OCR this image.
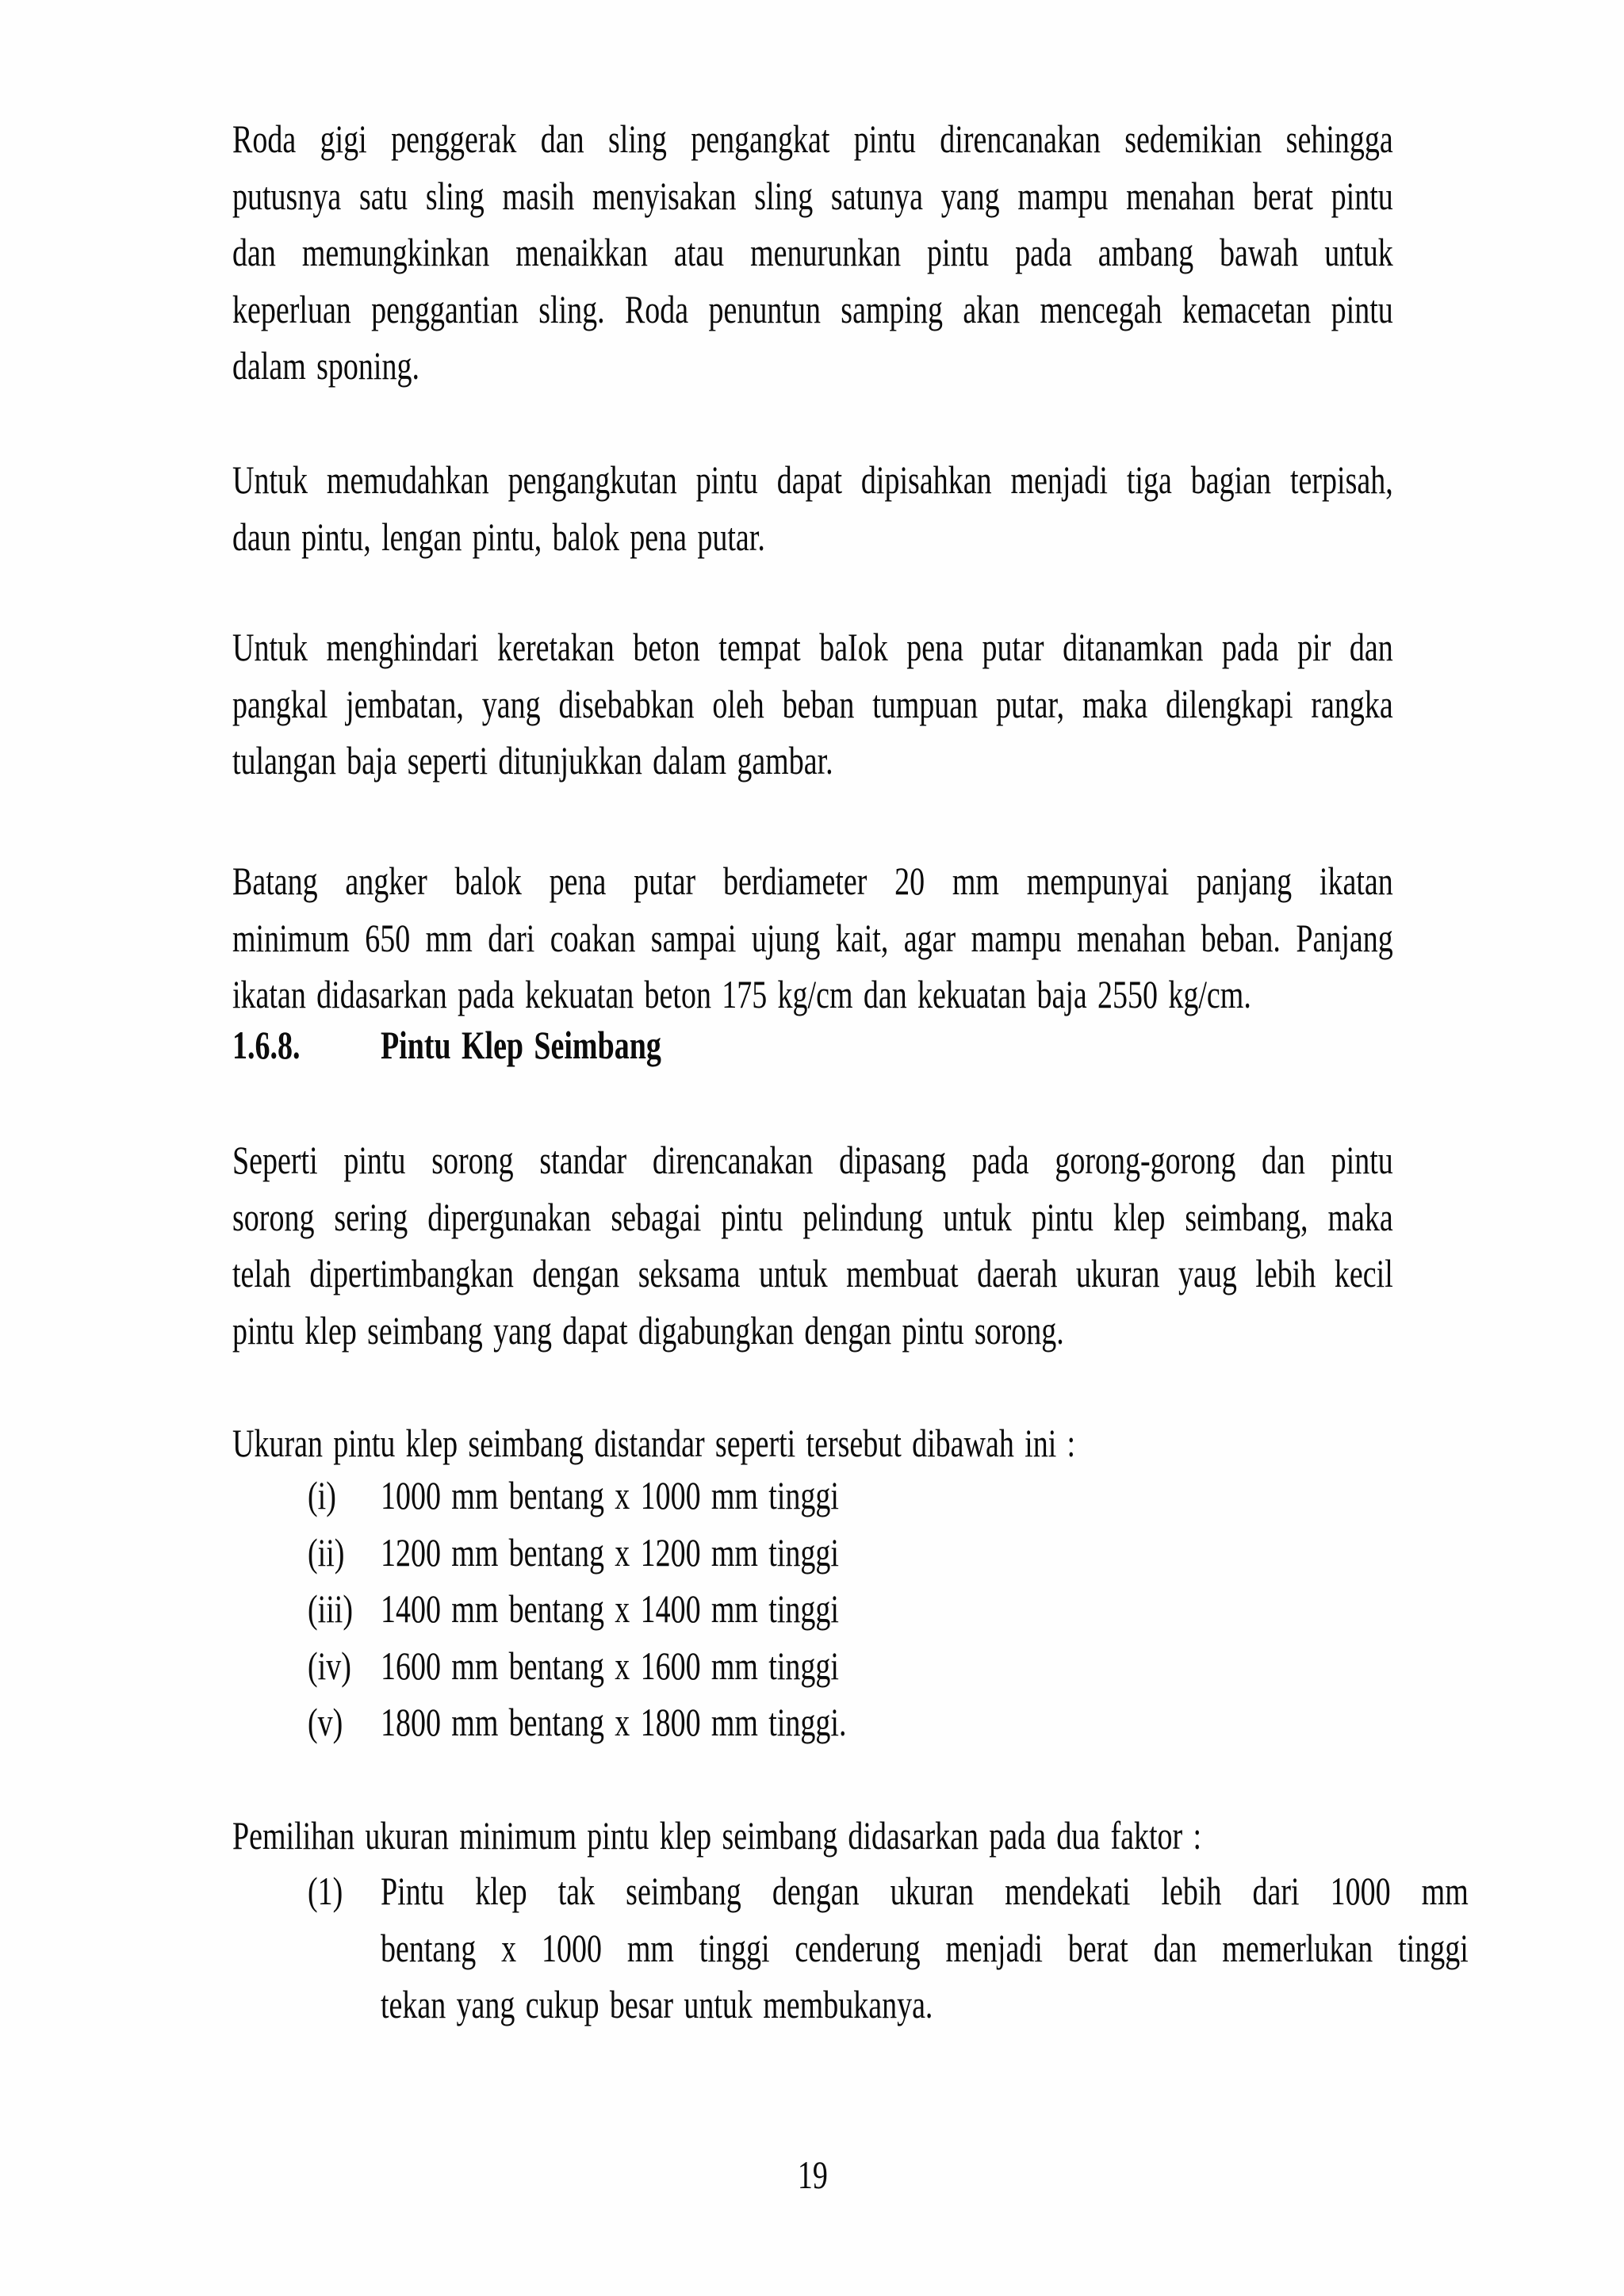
Roda gigi penggerak dan sling pengangkat pintu direncanakan sedemikian sehingga
putusnya satu sling masih menyisakan sling satunya yang mampu menahan berat pintu
dan memungkinkan menaikkan atau menurunkan pintu pada ambang bawah untuk
keperluan penggantian sling. Roda penuntun samping akan mencegah kemacetan pintu
dalam sponing.
Untuk memudahkan pengangkutan pintu dapat dipisahkan menjadi tiga bagian terpisah,
daun pintu, lengan pintu, balok pena putar.
Untuk menghindari keretakan beton tempat baIok pena putar ditanamkan pada pir dan
pangkal jembatan, yang disebabkan oleh beban tumpuan putar, maka dilengkapi rangka
tulangan baja seperti ditunjukkan dalam gambar.
Batang angker balok pena putar berdiameter 20 mm mempunyai panjang ikatan
minimum 650 mm dari coakan sampai ujung kait, agar mampu menahan beban. Panjang
ikatan didasarkan pada kekuatan beton 175 kg/cm dan kekuatan baja 2550 kg/cm.
1.6.8.	Pintu Klep Seimbang
Seperti pintu sorong standar direncanakan dipasang pada gorong-gorong dan pintu
sorong sering dipergunakan sebagai pintu pelindung untuk pintu klep seimbang, maka
telah dipertimbangkan dengan seksama untuk membuat daerah ukuran yaug lebih kecil
pintu klep seimbang yang dapat digabungkan dengan pintu sorong.
Ukuran pintu klep seimbang distandar seperti tersebut dibawah ini :
(i)	1000 mm bentang x 1000 mm tinggi
(ii) 1200 mm bentang x 1200 mm tinggi
(iii) 1400 mm bentang x 1400 mm tinggi
(iv) 1600 mm bentang x 1600 mm tinggi
(v) 1800 mm bentang x 1800 mm tinggi.
Pemilihan ukuran minimum pintu klep seimbang didasarkan pada dua faktor :
(1) Pintu klep tak seimbang dengan ukuran mendekati lebih dari 1000 mm
bentang x 1000 mm tinggi cenderung menjadi berat dan memerlukan tinggi
tekan yang cukup besar untuk membukanya.
19
